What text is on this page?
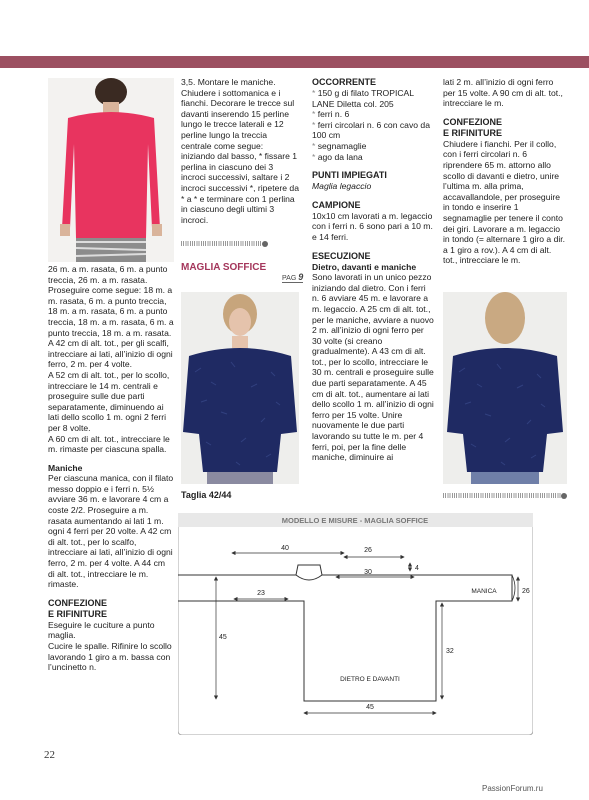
26 m. a m. rasata, 6 m. a punto treccia, 26 m. a m. rasata. Proseguire come segue: 18 m. a m. rasata, 6 m. a punto treccia, 18 m. a m. rasata, 6 m. a punto treccia, 18 m. a m. rasata, 6 m. a punto treccia, 18 m. a m. rasata.
A 42 cm di alt. tot., per gli scalfi, intrecciare ai lati, all’inizio di ogni ferro, 2 m. per 4 volte.
A 52 cm di alt. tot., per lo scollo, intrecciare le 14 m. centrali e proseguire sulle due parti separatamente, diminuendo ai lati dello scollo 1 m. ogni 2 ferri per 8 volte.
A 60 cm di alt. tot., intrecciare le m. rimaste per ciascuna spalla.

Maniche

Per ciascuna manica, con il filato messo doppio e i ferri n. 5½ avviare 36 m. e lavorare 4 cm a coste 2/2. Proseguire a m. rasata aumentando ai lati 1 m. ogni 4 ferri per 20 volte. A 42 cm di alt. tot., per lo scalfo, intrecciare ai lati, all’inizio di ogni ferro, 2 m. per 4 volte. A 44 cm di alt. tot., intrecciare le m. rimaste.

CONFEZIONE

E RIFINITURE

Eseguire le cuciture a punto maglia.
Cucire le spalle. Rifinire lo scollo lavorando 1 giro a m. bassa con l’uncinetto n.

3,5. Montare le maniche. Chiudere i sottomanica e i fianchi. Decorare le trecce sul davanti inserendo 15 perline lungo le trecce laterali e 12 perline lungo la treccia centrale come segue: iniziando dal basso, * fissare 1 perlina in ciascuno dei 3 incroci successivi, saltare i 2 incroci successivi *, ripetere da * a * e terminare con 1 perlina in ciascuno degli ultimi 3 incroci.

MAGLIA SOFFICE
PAG 9
Taglia 42/44

OCCORRENTE

* 150 g di filato TROPICAL LANE Diletta col. 205

* ferri n. 6

* ferri circolari n. 6 con cavo da 100 cm

* segnamaglie

* ago da lana

PUNTI IMPIEGATI

Maglia legaccio

CAMPIONE

10x10 cm lavorati a m. legaccio con i ferri n. 6 sono pari a 10 m. e 14 ferri.

ESECUZIONE

Dietro, davanti e maniche

Sono lavorati in un unico pezzo iniziando dal dietro. Con i ferri n. 6 avviare 45 m. e lavorare a m. legaccio. A 25 cm di alt. tot., per le maniche, avviare a nuovo 2 m. all’inizio di ogni ferro per 30 volte (si creano gradualmente). A 43 cm di alt. tot., per lo scollo, intrecciare le 30 m. centrali e proseguire sulle due parti separatamente. A 45 cm di alt. tot., aumentare ai lati dello scollo 1 m. all’inizio di ogni ferro per 15 volte. Unire nuovamente le due parti lavorando su tutte le m. per 4 ferri, poi, per la fine delle maniche, diminuire ai

lati 2 m. all’inizio di ogni ferro per 15 volte. A 90 cm di alt. tot., intrecciare le m.

CONFEZIONE

E RIFINITURE

Chiudere i fianchi. Per il collo, con i ferri circolari n. 6 riprendere 65 m. attorno allo scollo di davanti e dietro, unire l’ultima m. alla prima, accavallandole, per proseguire in tondo e inserire 1 segnamaglie per tenere il conto dei giri. Lavorare a m. legaccio in tondo (= alternare 1 giro a dir. a 1 giro a rov.). A 4 cm di alt. tot., intrecciare le m.

MODELLO E MISURE - MAGLIA SOFFICE
40	26
30
4
23	MANICA	26
45
32
DIETRO E DAVANTI
45
22
PassionForum.ru
